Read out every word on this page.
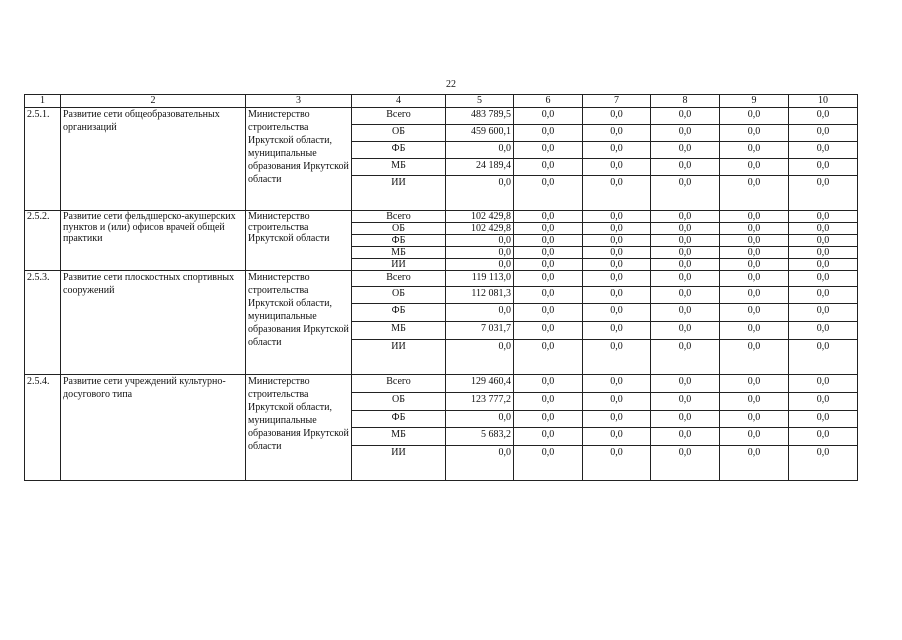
22
1	2	3	4	5	6	7	8	9	10
2.5.1.	Развитие сети общеобразовательных организаций	Министерство строительства Иркутской области, муниципальные образования Иркутской области	Всего	483 789,5	0,0	0,0	0,0	0,0	0,0
			ОБ	459 600,1	0,0	0,0	0,0	0,0	0,0
			ФБ	0,0	0,0	0,0	0,0	0,0	0,0
			МБ	24 189,4	0,0	0,0	0,0	0,0	0,0
			ИИ	0,0	0,0	0,0	0,0	0,0	0,0
2.5.2.	Развитие сети фельдшерско-акушерских пунктов и (или) офисов врачей общей практики	Министерство строительства Иркутской области	Всего	102 429,8	0,0	0,0	0,0	0,0	0,0
			ОБ	102 429,8	0,0	0,0	0,0	0,0	0,0
			ФБ	0,0	0,0	0,0	0,0	0,0	0,0
			МБ	0,0	0,0	0,0	0,0	0,0	0,0
			ИИ	0,0	0,0	0,0	0,0	0,0	0,0
2.5.3.	Развитие сети плоскостных спортивных сооружений	Министерство строительства Иркутской области, муниципальные образования Иркутской области	Всего	119 113,0	0,0	0,0	0,0	0,0	0,0
			ОБ	112 081,3	0,0	0,0	0,0	0,0	0,0
			ФБ	0,0	0,0	0,0	0,0	0,0	0,0
			МБ	7 031,7	0,0	0,0	0,0	0,0	0,0
			ИИ	0,0	0,0	0,0	0,0	0,0	0,0
2.5.4.	Развитие сети учреждений культурно-досугового типа	Министерство строительства Иркутской области, муниципальные образования Иркутской области	Всего	129 460,4	0,0	0,0	0,0	0,0	0,0
			ОБ	123 777,2	0,0	0,0	0,0	0,0	0,0
			ФБ	0,0	0,0	0,0	0,0	0,0	0,0
			МБ	5 683,2	0,0	0,0	0,0	0,0	0,0
			ИИ	0,0	0,0	0,0	0,0	0,0	0,0
